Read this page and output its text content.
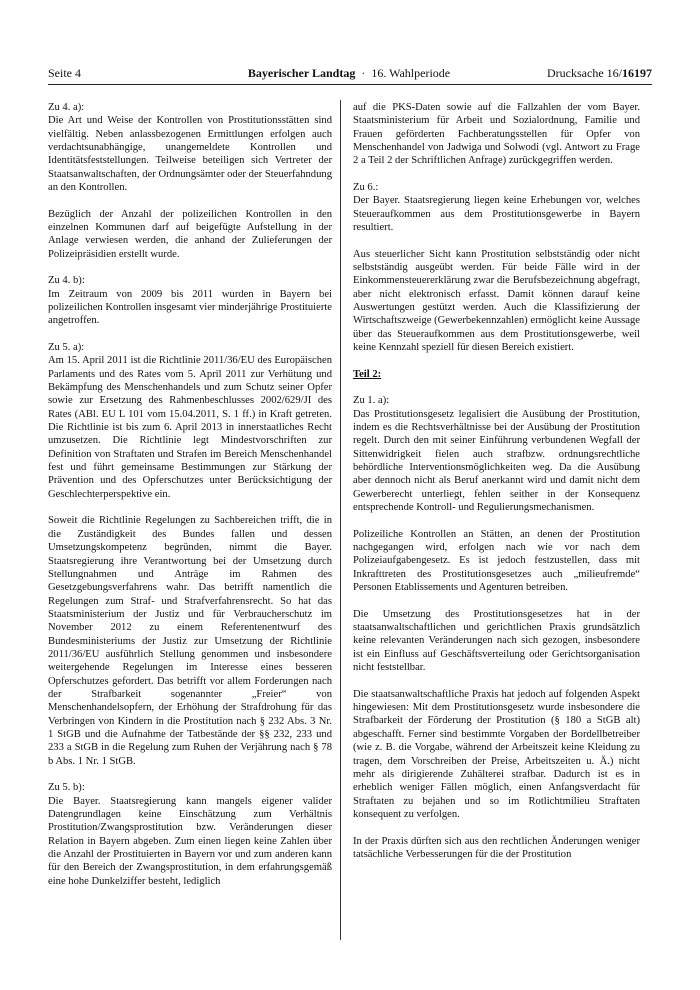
Seite 4	Bayerischer Landtag · 16. Wahlperiode	Drucksache 16/16197

Zu 4. a):
Die Art und Weise der Kontrollen von Prostitutionsstätten sind vielfältig. Neben anlassbezogenen Ermittlungen erfolgen auch verdachtsunabhängige, unangemeldete Kontrollen und Identitätsfeststellungen. Teilweise beteiligen sich Vertreter der Staatsanwaltschaften, der Ordnungsämter oder der Steuerfahndung an den Kontrollen.

Bezüglich der Anzahl der polizeilichen Kontrollen in den einzelnen Kommunen darf auf beigefügte Aufstellung in der Anlage verwiesen werden, die anhand der Zulieferungen der Polizeipräsidien erstellt wurde.

Zu 4. b):
Im Zeitraum von 2009 bis 2011 wurden in Bayern bei polizeilichen Kontrollen insgesamt vier minderjährige Prostituierte angetroffen.

Zu 5. a):
Am 15. April 2011 ist die Richtlinie 2011/36/EU des Europäischen Parlaments und des Rates vom 5. April 2011 zur Verhütung und Bekämpfung des Menschenhandels und zum Schutz seiner Opfer sowie zur Ersetzung des Rahmenbeschlusses 2002/629/JI des Rates (ABl. EU L 101 vom 15.04.2011, S. 1 ff.) in Kraft getreten. Die Richtlinie ist bis zum 6. April 2013 in innerstaatliches Recht umzusetzen. Die Richtlinie legt Mindestvorschriften zur Definition von Straftaten und Strafen im Bereich Menschenhandel fest und führt gemeinsame Bestimmungen zur Stärkung der Prävention und des Opferschutzes unter Berücksichtigung der Geschlechterperspektive ein.

Soweit die Richtlinie Regelungen zu Sachbereichen trifft, die in die Zuständigkeit des Bundes fallen und dessen Umsetzungskompetenz begründen, nimmt die Bayer. Staatsregierung ihre Verantwortung bei der Umsetzung durch Stellungnahmen und Anträge im Rahmen des Gesetzgebungsverfahrens wahr. Das betrifft namentlich die Regelungen zum Straf- und Strafverfahrensrecht. So hat das Staatsministerium der Justiz und für Verbraucherschutz im November 2012 zu einem Referentenentwurf des Bundesministeriums der Justiz zur Umsetzung der Richtlinie 2011/36/EU ausführlich Stellung genommen und insbesondere weitergehende Regelungen im Interesse eines besseren Opferschutzes gefordert. Das betrifft vor allem Forderungen nach der Strafbarkeit sogenannter „Freier“ von Menschenhandelsopfern, der Erhöhung der Strafdrohung für das Verbringen von Kindern in die Prostitution nach § 232 Abs. 3 Nr. 1 StGB und die Aufnahme der Tatbestände der §§ 232, 233 und 233 a StGB in die Regelung zum Ruhen der Verjährung nach § 78 b Abs. 1 Nr. 1 StGB.

Zu 5. b):
Die Bayer. Staatsregierung kann mangels eigener valider Datengrundlagen keine Einschätzung zum Verhältnis Prostitution/Zwangsprostitution bzw. Veränderungen dieser Relation in Bayern abgeben. Zum einen liegen keine Zahlen über die Anzahl der Prostituierten in Bayern vor und zum anderen kann für den Bereich der Zwangsprostitution, in dem erfahrungsgemäß eine hohe Dunkelziffer besteht, lediglich

auf die PKS-Daten sowie auf die Fallzahlen der vom Bayer. Staatsministerium für Arbeit und Sozialordnung, Familie und Frauen geförderten Fachberatungsstellen für Opfer von Menschenhandel von Jadwiga und Solwodi (vgl. Antwort zu Frage 2 a Teil 2 der Schriftlichen Anfrage) zurückgegriffen werden.

Zu 6.:
Der Bayer. Staatsregierung liegen keine Erhebungen vor, welches Steueraufkommen aus dem Prostitutionsgewerbe in Bayern resultiert.

Aus steuerlicher Sicht kann Prostitution selbstständig oder nicht selbstständig ausgeübt werden. Für beide Fälle wird in der Einkommensteuererklärung zwar die Berufsbezeichnung abgefragt, aber nicht elektronisch erfasst. Damit können darauf keine Auswertungen gestützt werden. Auch die Klassifizierung der Wirtschaftszweige (Gewerbekennzahlen) ermöglicht keine Aussage über das Steueraufkommen aus dem Prostitutionsgewerbe, weil keine Kennzahl speziell für diesen Bereich existiert.

Teil 2:

Zu 1. a):
Das Prostitutionsgesetz legalisiert die Ausübung der Prostitution, indem es die Rechtsverhältnisse bei der Ausübung der Prostitution regelt. Durch den mit seiner Einführung verbundenen Wegfall der Sittenwidrigkeit fielen auch strafbzw. ordnungsrechtliche behördliche Interventionsmöglichkeiten weg. Da die Ausübung aber dennoch nicht als Beruf anerkannt wird und damit nicht dem Gewerberecht unterliegt, fehlen seither in der Konsequenz entsprechende Kontroll- und Regulierungsmechanismen.

Polizeiliche Kontrollen an Stätten, an denen der Prostitution nachgegangen wird, erfolgen nach wie vor nach dem Polizeiaufgabengesetz. Es ist jedoch festzustellen, dass mit Inkrafttreten des Prostitutionsgesetzes auch „milieufremde“ Personen Etablissements und Agenturen betreiben.

Die Umsetzung des Prostitutionsgesetzes hat in der staatsanwaltschaftlichen und gerichtlichen Praxis grundsätzlich keine relevanten Veränderungen nach sich gezogen, insbesondere ist ein Einfluss auf Geschäftsverteilung oder Gerichtsorganisation nicht feststellbar.

Die staatsanwaltschaftliche Praxis hat jedoch auf folgenden Aspekt hingewiesen: Mit dem Prostitutionsgesetz wurde insbesondere die Strafbarkeit der Förderung der Prostitution (§ 180 a StGB alt) abgeschafft. Ferner sind bestimmte Vorgaben der Bordellbetreiber (wie z. B. die Vorgabe, während der Arbeitszeit keine Kleidung zu tragen, dem Vorschreiben der Preise, Arbeitszeiten u. Ä.) nicht mehr als dirigierende Zuhälterei strafbar. Dadurch ist es in erheblich weniger Fällen möglich, einen Anfangsverdacht für Straftaten zu bejahen und so im Rotlichtmilieu Straftaten konsequent zu verfolgen.

In der Praxis dürften sich aus den rechtlichen Änderungen weniger tatsächliche Verbesserungen für die der Prostitution
